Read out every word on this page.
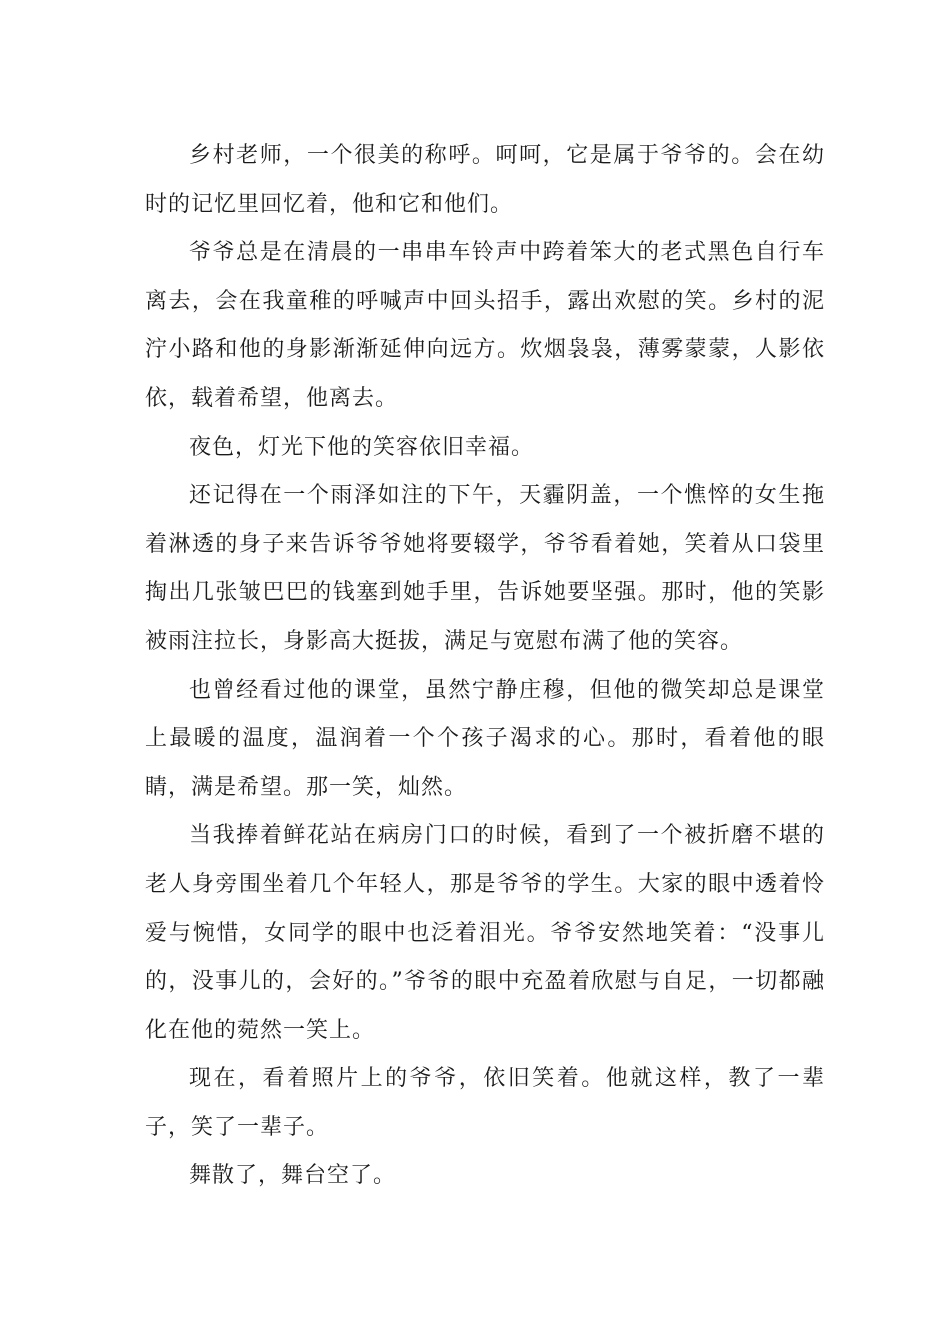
乡村老师，一个很美的称呼。呵呵，它是属于爷爷的。会在幼时的记忆里回忆着，他和它和他们。

爷爷总是在清晨的一串串车铃声中跨着笨大的老式黑色自行车离去，会在我童稚的呼喊声中回头招手，露出欢慰的笑。乡村的泥泞小路和他的身影渐渐延伸向远方。炊烟袅袅，薄雾蒙蒙，人影依依，载着希望，他离去。

夜色，灯光下他的笑容依旧幸福。

还记得在一个雨泽如注的下午，天霾阴盖，一个憔悴的女生拖着淋透的身子来告诉爷爷她将要辍学，爷爷看着她，笑着从口袋里掏出几张皱巴巴的钱塞到她手里，告诉她要坚强。那时，他的笑影被雨注拉长，身影高大挺拔，满足与宽慰布满了他的笑容。

也曾经看过他的课堂，虽然宁静庄穆，但他的微笑却总是课堂上最暖的温度，温润着一个个孩子渴求的心。那时，看着他的眼睛，满是希望。那一笑，灿然。

当我捧着鲜花站在病房门口的时候，看到了一个被折磨不堪的老人身旁围坐着几个年轻人，那是爷爷的学生。大家的眼中透着怜爱与惋惜，女同学的眼中也泛着泪光。爷爷安然地笑着：“没事儿的，没事儿的，会好的。”爷爷的眼中充盈着欣慰与自足，一切都融化在他的菀然一笑上。

现在，看着照片上的爷爷，依旧笑着。他就这样，教了一辈子，笑了一辈子。

舞散了，舞台空了。
